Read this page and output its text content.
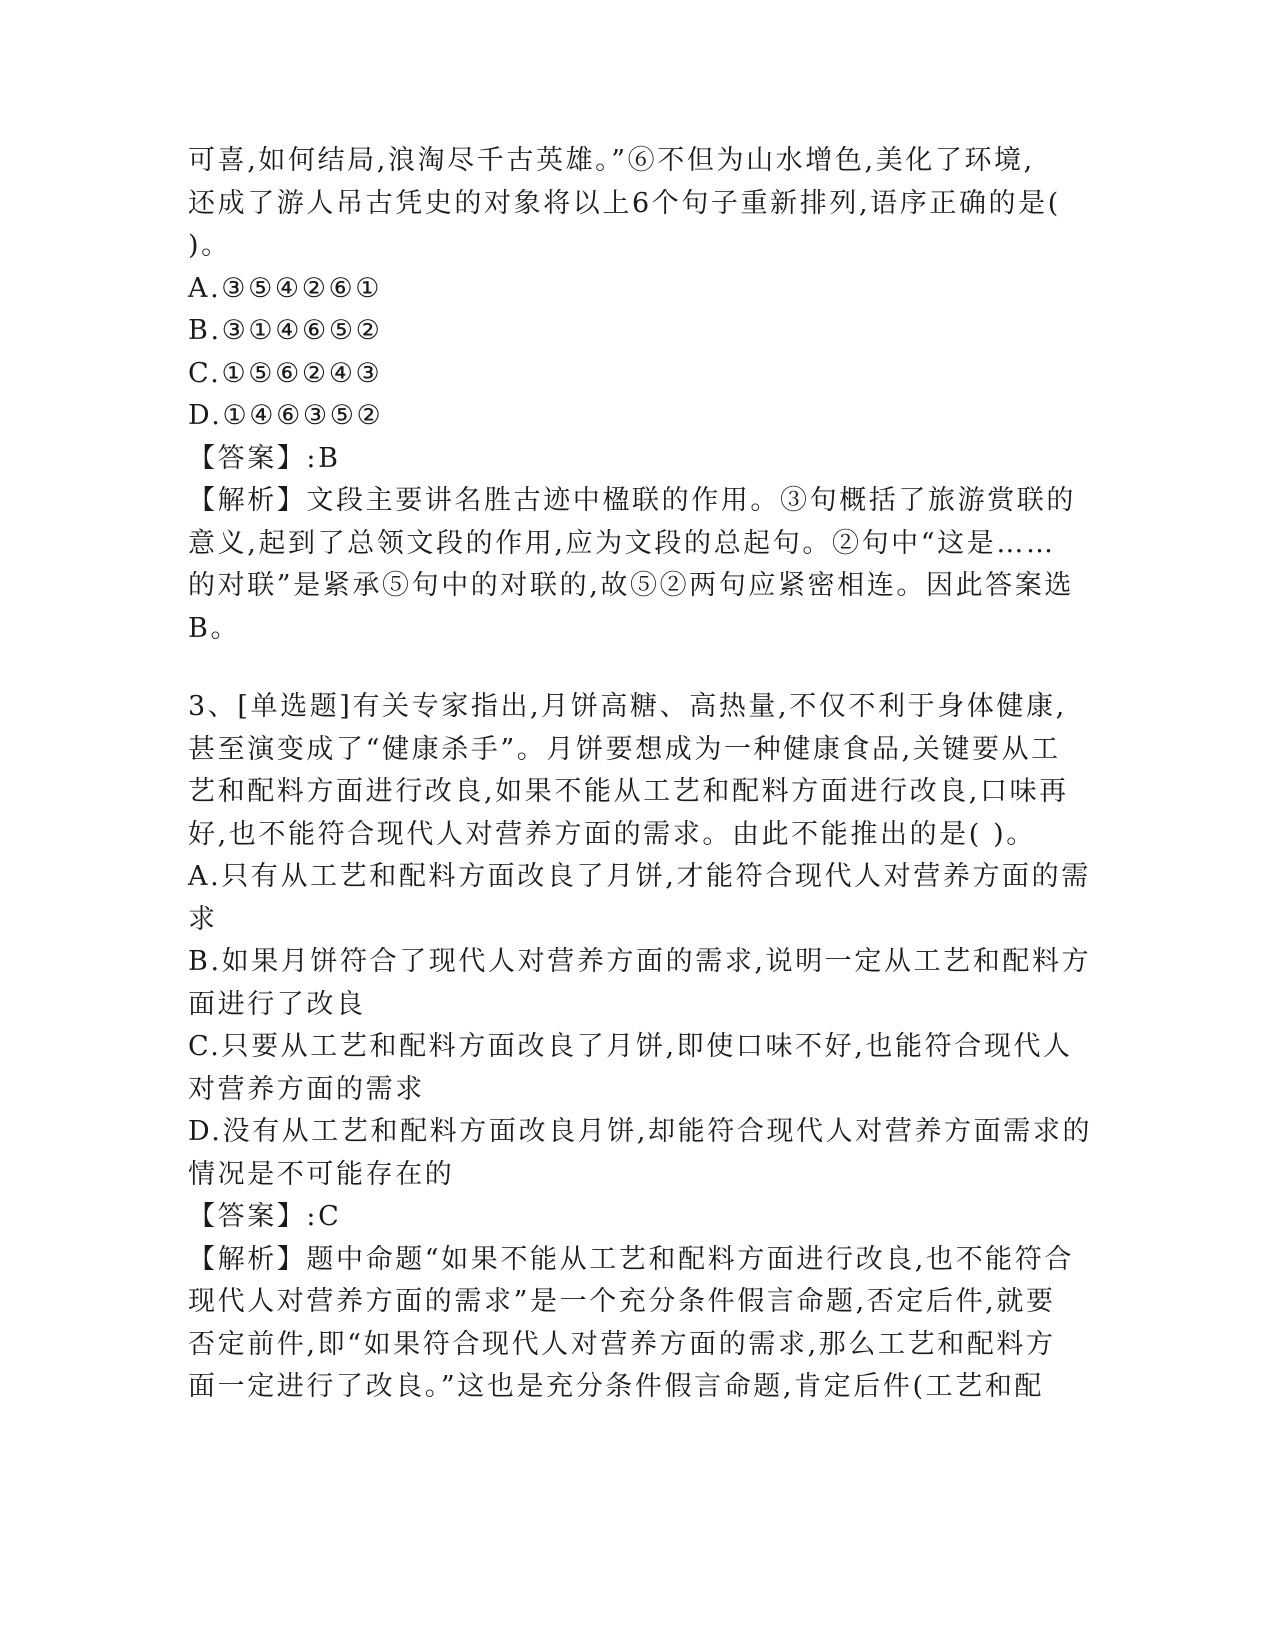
可喜,如何结局,浪淘尽千古英雄。”⑥不但为山水增色,美化了环境,
还成了游人吊古凭史的对象将以上6个句子重新排列,语序正确的是(
)。
A.③⑤④②⑥①
B.③①④⑥⑤②
C.①⑤⑥②④③
D.①④⑥③⑤②
【答案】:B
【解析】文段主要讲名胜古迹中楹联的作用。③句概括了旅游赏联的
意义,起到了总领文段的作用,应为文段的总起句。②句中“这是……
的对联”是紧承⑤句中的对联的,故⑤②两句应紧密相连。因此答案选
B。
3、[单选题]有关专家指出,月饼高糖、高热量,不仅不利于身体健康,
甚至演变成了“健康杀手”。月饼要想成为一种健康食品,关键要从工
艺和配料方面进行改良,如果不能从工艺和配料方面进行改良,口味再
好,也不能符合现代人对营养方面的需求。由此不能推出的是( )。
A.只有从工艺和配料方面改良了月饼,才能符合现代人对营养方面的需
求
B.如果月饼符合了现代人对营养方面的需求,说明一定从工艺和配料方
面进行了改良
C.只要从工艺和配料方面改良了月饼,即使口味不好,也能符合现代人
对营养方面的需求
D.没有从工艺和配料方面改良月饼,却能符合现代人对营养方面需求的
情况是不可能存在的
【答案】:C
【解析】题中命题“如果不能从工艺和配料方面进行改良,也不能符合
现代人对营养方面的需求”是一个充分条件假言命题,否定后件,就要
否定前件,即“如果符合现代人对营养方面的需求,那么工艺和配料方
面一定进行了改良。”这也是充分条件假言命题,肯定后件(工艺和配
